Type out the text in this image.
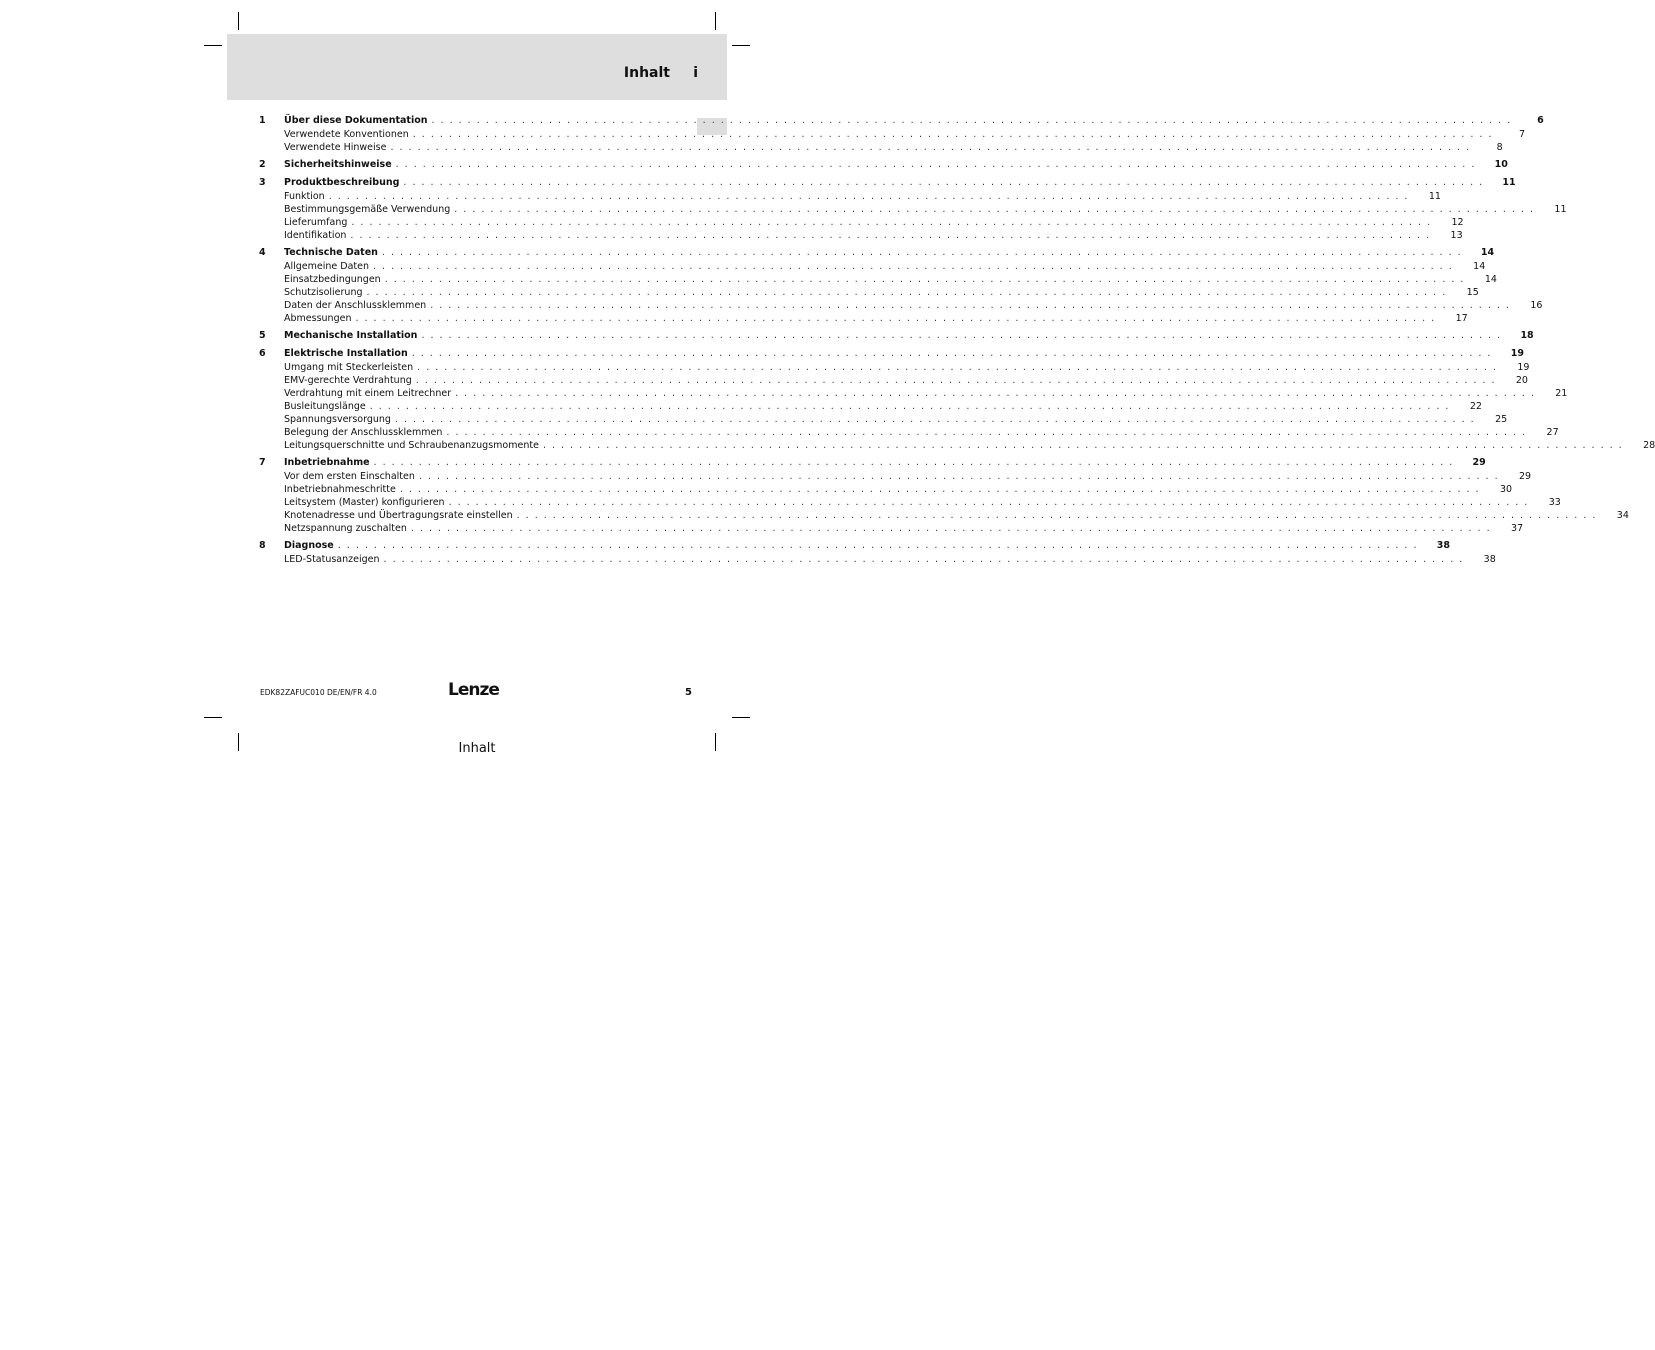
Inhalt i
1	Über diese Dokumentation . . . . . . . . . . . . . . . . . . . . . . . . . . . . . . . . . . . . . . . . . . . . . . . . . . . . . . . . . . . . . . . . . . . . . . . . . . . . . . . . . . . . . . . . . . . . . . . . . . . . . . . . . . . . . . . . . . . . . . . .	6
Verwendete Konventionen . . . . . . . . . . . . . . . . . . . . . . . . . . . . . . . . . . . . . . . . . . . . . . . . . . . . . . . . . . . . . . . . . . . . . . . . . . . . . . . . . . . . . . . . . . . . . . . . . . . . . . . . . . . . . . . . . . . . . . . .	7
Verwendete Hinweise . . . . . . . . . . . . . . . . . . . . . . . . . . . . . . . . . . . . . . . . . . . . . . . . . . . . . . . . . . . . . . . . . . . . . . . . . . . . . . . . . . . . . . . . . . . . . . . . . . . . . . . . . . . . . . . . . . . . . . . .	8
2	Sicherheitshinweise . . . . . . . . . . . . . . . . . . . . . . . . . . . . . . . . . . . . . . . . . . . . . . . . . . . . . . . . . . . . . . . . . . . . . . . . . . . . . . . . . . . . . . . . . . . . . . . . . . . . . . . . . . . . . . . . . . . . . . . .	10
3	Produktbeschreibung . . . . . . . . . . . . . . . . . . . . . . . . . . . . . . . . . . . . . . . . . . . . . . . . . . . . . . . . . . . . . . . . . . . . . . . . . . . . . . . . . . . . . . . . . . . . . . . . . . . . . . . . . . . . . . . . . . . . . . . .	11
Funktion . . . . . . . . . . . . . . . . . . . . . . . . . . . . . . . . . . . . . . . . . . . . . . . . . . . . . . . . . . . . . . . . . . . . . . . . . . . . . . . . . . . . . . . . . . . . . . . . . . . . . . . . . . . . . . . . . . . . . . . .	11
Bestimmungsgemäße Verwendung . . . . . . . . . . . . . . . . . . . . . . . . . . . . . . . . . . . . . . . . . . . . . . . . . . . . . . . . . . . . . . . . . . . . . . . . . . . . . . . . . . . . . . . . . . . . . . . . . . . . . . . . . . . . . . . . . . . . . . . .	11
Lieferumfang . . . . . . . . . . . . . . . . . . . . . . . . . . . . . . . . . . . . . . . . . . . . . . . . . . . . . . . . . . . . . . . . . . . . . . . . . . . . . . . . . . . . . . . . . . . . . . . . . . . . . . . . . . . . . . . . . . . . . . . .	12
Identifikation . . . . . . . . . . . . . . . . . . . . . . . . . . . . . . . . . . . . . . . . . . . . . . . . . . . . . . . . . . . . . . . . . . . . . . . . . . . . . . . . . . . . . . . . . . . . . . . . . . . . . . . . . . . . . . . . . . . . . . . .	13
4	Technische Daten . . . . . . . . . . . . . . . . . . . . . . . . . . . . . . . . . . . . . . . . . . . . . . . . . . . . . . . . . . . . . . . . . . . . . . . . . . . . . . . . . . . . . . . . . . . . . . . . . . . . . . . . . . . . . . . . . . . . . . . .	14
Allgemeine Daten . . . . . . . . . . . . . . . . . . . . . . . . . . . . . . . . . . . . . . . . . . . . . . . . . . . . . . . . . . . . . . . . . . . . . . . . . . . . . . . . . . . . . . . . . . . . . . . . . . . . . . . . . . . . . . . . . . . . . . . .	14
Einsatzbedingungen . . . . . . . . . . . . . . . . . . . . . . . . . . . . . . . . . . . . . . . . . . . . . . . . . . . . . . . . . . . . . . . . . . . . . . . . . . . . . . . . . . . . . . . . . . . . . . . . . . . . . . . . . . . . . . . . . . . . . . . .	14
Schutzisolierung . . . . . . . . . . . . . . . . . . . . . . . . . . . . . . . . . . . . . . . . . . . . . . . . . . . . . . . . . . . . . . . . . . . . . . . . . . . . . . . . . . . . . . . . . . . . . . . . . . . . . . . . . . . . . . . . . . . . . . . .	15
Daten der Anschlussklemmen . . . . . . . . . . . . . . . . . . . . . . . . . . . . . . . . . . . . . . . . . . . . . . . . . . . . . . . . . . . . . . . . . . . . . . . . . . . . . . . . . . . . . . . . . . . . . . . . . . . . . . . . . . . . . . . . . . . . . . . .	16
Abmessungen . . . . . . . . . . . . . . . . . . . . . . . . . . . . . . . . . . . . . . . . . . . . . . . . . . . . . . . . . . . . . . . . . . . . . . . . . . . . . . . . . . . . . . . . . . . . . . . . . . . . . . . . . . . . . . . . . . . . . . . .	17
5	Mechanische Installation . . . . . . . . . . . . . . . . . . . . . . . . . . . . . . . . . . . . . . . . . . . . . . . . . . . . . . . . . . . . . . . . . . . . . . . . . . . . . . . . . . . . . . . . . . . . . . . . . . . . . . . . . . . . . . . . . . . . . . . .	18
6	Elektrische Installation . . . . . . . . . . . . . . . . . . . . . . . . . . . . . . . . . . . . . . . . . . . . . . . . . . . . . . . . . . . . . . . . . . . . . . . . . . . . . . . . . . . . . . . . . . . . . . . . . . . . . . . . . . . . . . . . . . . . . . . .	19
Umgang mit Steckerleisten . . . . . . . . . . . . . . . . . . . . . . . . . . . . . . . . . . . . . . . . . . . . . . . . . . . . . . . . . . . . . . . . . . . . . . . . . . . . . . . . . . . . . . . . . . . . . . . . . . . . . . . . . . . . . . . . . . . . . . . .	19
EMV-gerechte Verdrahtung . . . . . . . . . . . . . . . . . . . . . . . . . . . . . . . . . . . . . . . . . . . . . . . . . . . . . . . . . . . . . . . . . . . . . . . . . . . . . . . . . . . . . . . . . . . . . . . . . . . . . . . . . . . . . . . . . . . . . . . .	20
Verdrahtung mit einem Leitrechner . . . . . . . . . . . . . . . . . . . . . . . . . . . . . . . . . . . . . . . . . . . . . . . . . . . . . . . . . . . . . . . . . . . . . . . . . . . . . . . . . . . . . . . . . . . . . . . . . . . . . . . . . . . . . . . . . . . . . . . .	21
Busleitungslänge . . . . . . . . . . . . . . . . . . . . . . . . . . . . . . . . . . . . . . . . . . . . . . . . . . . . . . . . . . . . . . . . . . . . . . . . . . . . . . . . . . . . . . . . . . . . . . . . . . . . . . . . . . . . . . . . . . . . . . . .	22
Spannungsversorgung . . . . . . . . . . . . . . . . . . . . . . . . . . . . . . . . . . . . . . . . . . . . . . . . . . . . . . . . . . . . . . . . . . . . . . . . . . . . . . . . . . . . . . . . . . . . . . . . . . . . . . . . . . . . . . . . . . . . . . . .	25
Belegung der Anschlussklemmen . . . . . . . . . . . . . . . . . . . . . . . . . . . . . . . . . . . . . . . . . . . . . . . . . . . . . . . . . . . . . . . . . . . . . . . . . . . . . . . . . . . . . . . . . . . . . . . . . . . . . . . . . . . . . . . . . . . . . . . .	27
Leitungsquerschnitte und Schraubenanzugsmomente . . . . . . . . . . . . . . . . . . . . . . . . . . . . . . . . . . . . . . . . . . . . . . . . . . . . . . . . . . . . . . . . . . . . . . . . . . . . . . . . . . . . . . . . . . . . . . . . . . . . . . . . . . . . . . . . . . . . . . . .	28
7	Inbetriebnahme . . . . . . . . . . . . . . . . . . . . . . . . . . . . . . . . . . . . . . . . . . . . . . . . . . . . . . . . . . . . . . . . . . . . . . . . . . . . . . . . . . . . . . . . . . . . . . . . . . . . . . . . . . . . . . . . . . . . . . . .	29
Vor dem ersten Einschalten . . . . . . . . . . . . . . . . . . . . . . . . . . . . . . . . . . . . . . . . . . . . . . . . . . . . . . . . . . . . . . . . . . . . . . . . . . . . . . . . . . . . . . . . . . . . . . . . . . . . . . . . . . . . . . . . . . . . . . . .	29
Inbetriebnahmeschritte . . . . . . . . . . . . . . . . . . . . . . . . . . . . . . . . . . . . . . . . . . . . . . . . . . . . . . . . . . . . . . . . . . . . . . . . . . . . . . . . . . . . . . . . . . . . . . . . . . . . . . . . . . . . . . . . . . . . . . . .	30
Leitsystem (Master) konfigurieren . . . . . . . . . . . . . . . . . . . . . . . . . . . . . . . . . . . . . . . . . . . . . . . . . . . . . . . . . . . . . . . . . . . . . . . . . . . . . . . . . . . . . . . . . . . . . . . . . . . . . . . . . . . . . . . . . . . . . . . .	33
Knotenadresse und Übertragungsrate einstellen . . . . . . . . . . . . . . . . . . . . . . . . . . . . . . . . . . . . . . . . . . . . . . . . . . . . . . . . . . . . . . . . . . . . . . . . . . . . . . . . . . . . . . . . . . . . . . . . . . . . . . . . . . . . . . . . . . . . . . . .	34
Netzspannung zuschalten . . . . . . . . . . . . . . . . . . . . . . . . . . . . . . . . . . . . . . . . . . . . . . . . . . . . . . . . . . . . . . . . . . . . . . . . . . . . . . . . . . . . . . . . . . . . . . . . . . . . . . . . . . . . . . . . . . . . . . . .	37
8	Diagnose . . . . . . . . . . . . . . . . . . . . . . . . . . . . . . . . . . . . . . . . . . . . . . . . . . . . . . . . . . . . . . . . . . . . . . . . . . . . . . . . . . . . . . . . . . . . . . . . . . . . . . . . . . . . . . . . . . . . . . . .	38
LED-Statusanzeigen . . . . . . . . . . . . . . . . . . . . . . . . . . . . . . . . . . . . . . . . . . . . . . . . . . . . . . . . . . . . . . . . . . . . . . . . . . . . . . . . . . . . . . . . . . . . . . . . . . . . . . . . . . . . . . . . . . . . . . . .	38
EDK82ZAFUC010 DE/EN/FR 4.0	Lenze	5
Inhalt
